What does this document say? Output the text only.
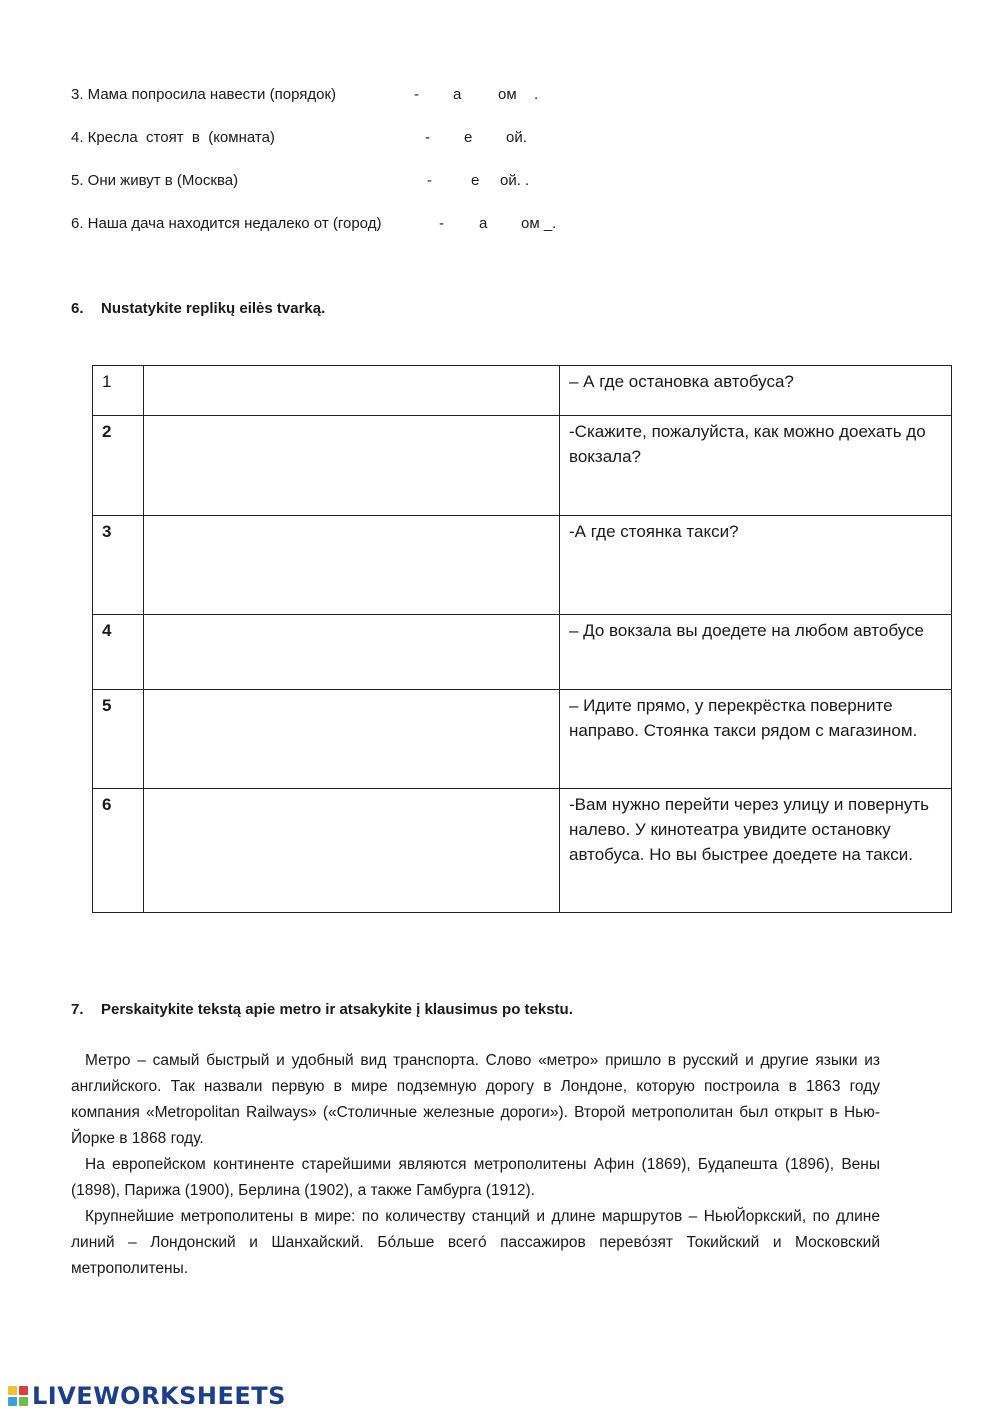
3. Мама попросила навести (порядок)

	-

а

ом

.

4. Кресла  стоят  в  (комната)

	-

е

ой.

5. Они живут в (Москва)

	-

	е

ой. .

6. Наша дача находится недалеко от (город)

	-

а

ом _.

6. Nustatykite replikų eilės tvarką.
1		– А где остановка автобуса?
2		-Скажите, пожалуйста, как можно доехать до вокзала?
3		-А где стоянка такси?
4		– До вокзала вы доедете на любом автобусе
5		– Идите прямо, у перекрёстка поверните направо. Стоянка такси рядом с магазином.
6		-Вам нужно перейти через улицу и повернуть налево. У кинотеатра увидите остановку автобуса. Но вы быстрее доедете на такси.
7. Perskaitykite tekstą apie metro ir atsakykite į klausimus po tekstu.
Метро – самый быстрый и удобный вид транспорта. Слово «метро» пришло в русский и другие языки из английского. Так назвали первую в мире подземную дорогу в Лондоне, которую построила в 1863 году компания «Metropolitan Railways» («Столичные железные дороги»). Второй метрополитан был открыт в Нью-Йорке в 1868 году.
На европейском континенте старейшими являются метрополитены Афин (1869), Будапешта (1896), Вены (1898), Парижа (1900), Берлина (1902), а также Гамбурга (1912).
Крупнейшие метрополитены в мире: по количеству станций и длине маршрутов – НьюЙоркский, по длине линий – Лондонский и Шанхайский. Бóльше всегó пассажиров перевóзят Токийский и Московский метрополитены.
LIVEWORKSHEETS
